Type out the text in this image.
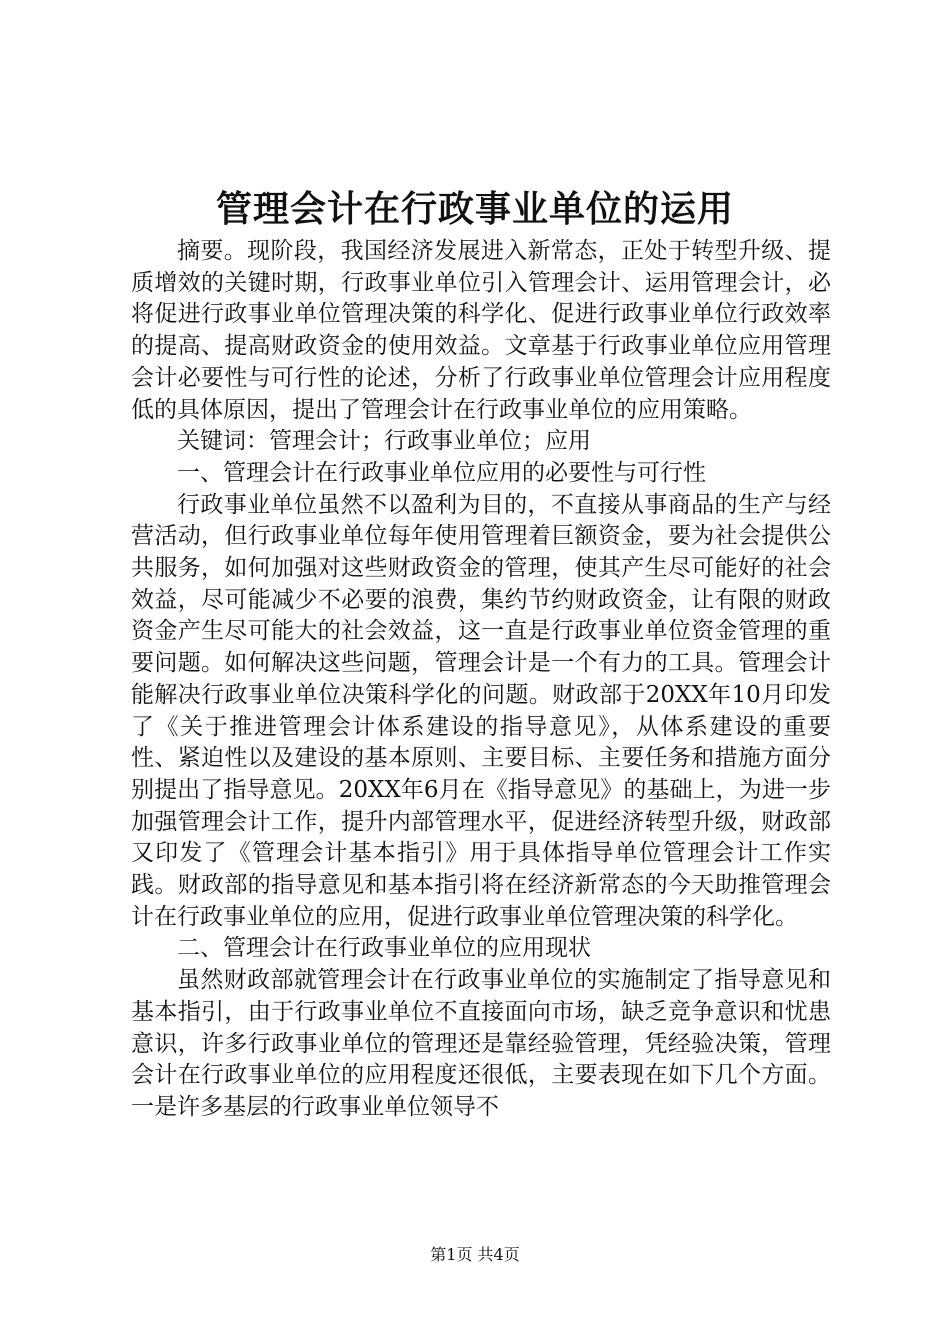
管理会计在行政事业单位的运用

摘要。现阶段，我国经济发展进入新常态，正处于转型升级、提质增效的关键时期，行政事业单位引入管理会计、运用管理会计，必将促进行政事业单位管理决策的科学化、促进行政事业单位行政效率的提高、提高财政资金的使用效益。文章基于行政事业单位应用管理会计必要性与可行性的论述，分析了行政事业单位管理会计应用程度低的具体原因，提出了管理会计在行政事业单位的应用策略。

关键词：管理会计；行政事业单位；应用

一、管理会计在行政事业单位应用的必要性与可行性

行政事业单位虽然不以盈利为目的，不直接从事商品的生产与经营活动，但行政事业单位每年使用管理着巨额资金，要为社会提供公共服务，如何加强对这些财政资金的管理，使其产生尽可能好的社会效益，尽可能减少不必要的浪费，集约节约财政资金，让有限的财政资金产生尽可能大的社会效益，这一直是行政事业单位资金管理的重要问题。如何解决这些问题，管理会计是一个有力的工具。管理会计能解决行政事业单位决策科学化的问题。财政部于20XX年10月印发了《关于推进管理会计体系建设的指导意见》，从体系建设的重要性、紧迫性以及建设的基本原则、主要目标、主要任务和措施方面分别提出了指导意见。20XX年6月在《指导意见》的基础上，为进一步加强管理会计工作，提升内部管理水平，促进经济转型升级，财政部又印发了《管理会计基本指引》用于具体指导单位管理会计工作实践。财政部的指导意见和基本指引将在经济新常态的今天助推管理会计在行政事业单位的应用，促进行政事业单位管理决策的科学化。

二、管理会计在行政事业单位的应用现状

虽然财政部就管理会计在行政事业单位的实施制定了指导意见和基本指引，由于行政事业单位不直接面向市场，缺乏竞争意识和忧患意识，许多行政事业单位的管理还是靠经验管理，凭经验决策，管理会计在行政事业单位的应用程度还很低，主要表现在如下几个方面。一是许多基层的行政事业单位领导不

第1页 共4页
